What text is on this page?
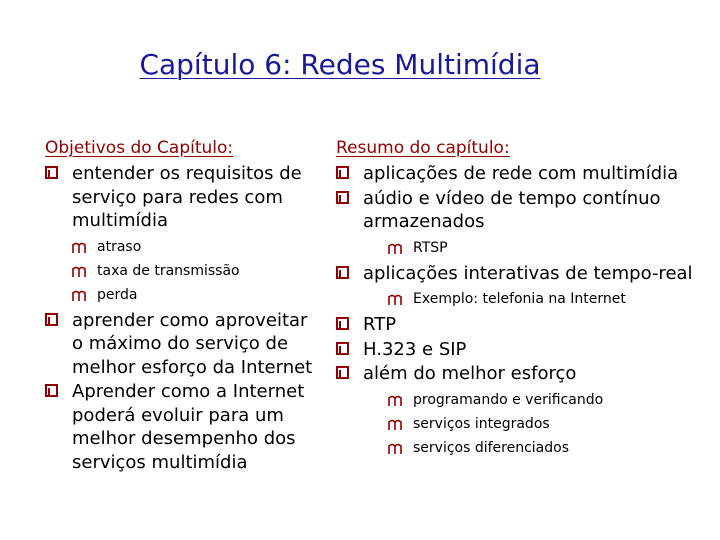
Capítulo 6: Redes Multimídia
Objetivos do Capítulo:
entender os requisitos de serviço para redes com multimídia
atraso
taxa de transmissão
perda
aprender como aproveitar o máximo do serviço de melhor esforço da Internet
Aprender como a Internet poderá evoluir para um melhor desempenho dos serviços multimídia
Resumo do capítulo:
aplicações de rede com multimídia
aúdio e vídeo de tempo contínuo armazenados
RTSP
aplicações interativas de tempo-real
Exemplo: telefonia na Internet
RTP
H.323 e SIP
além do melhor esforço
programando e verificando
serviços integrados
serviços diferenciados
